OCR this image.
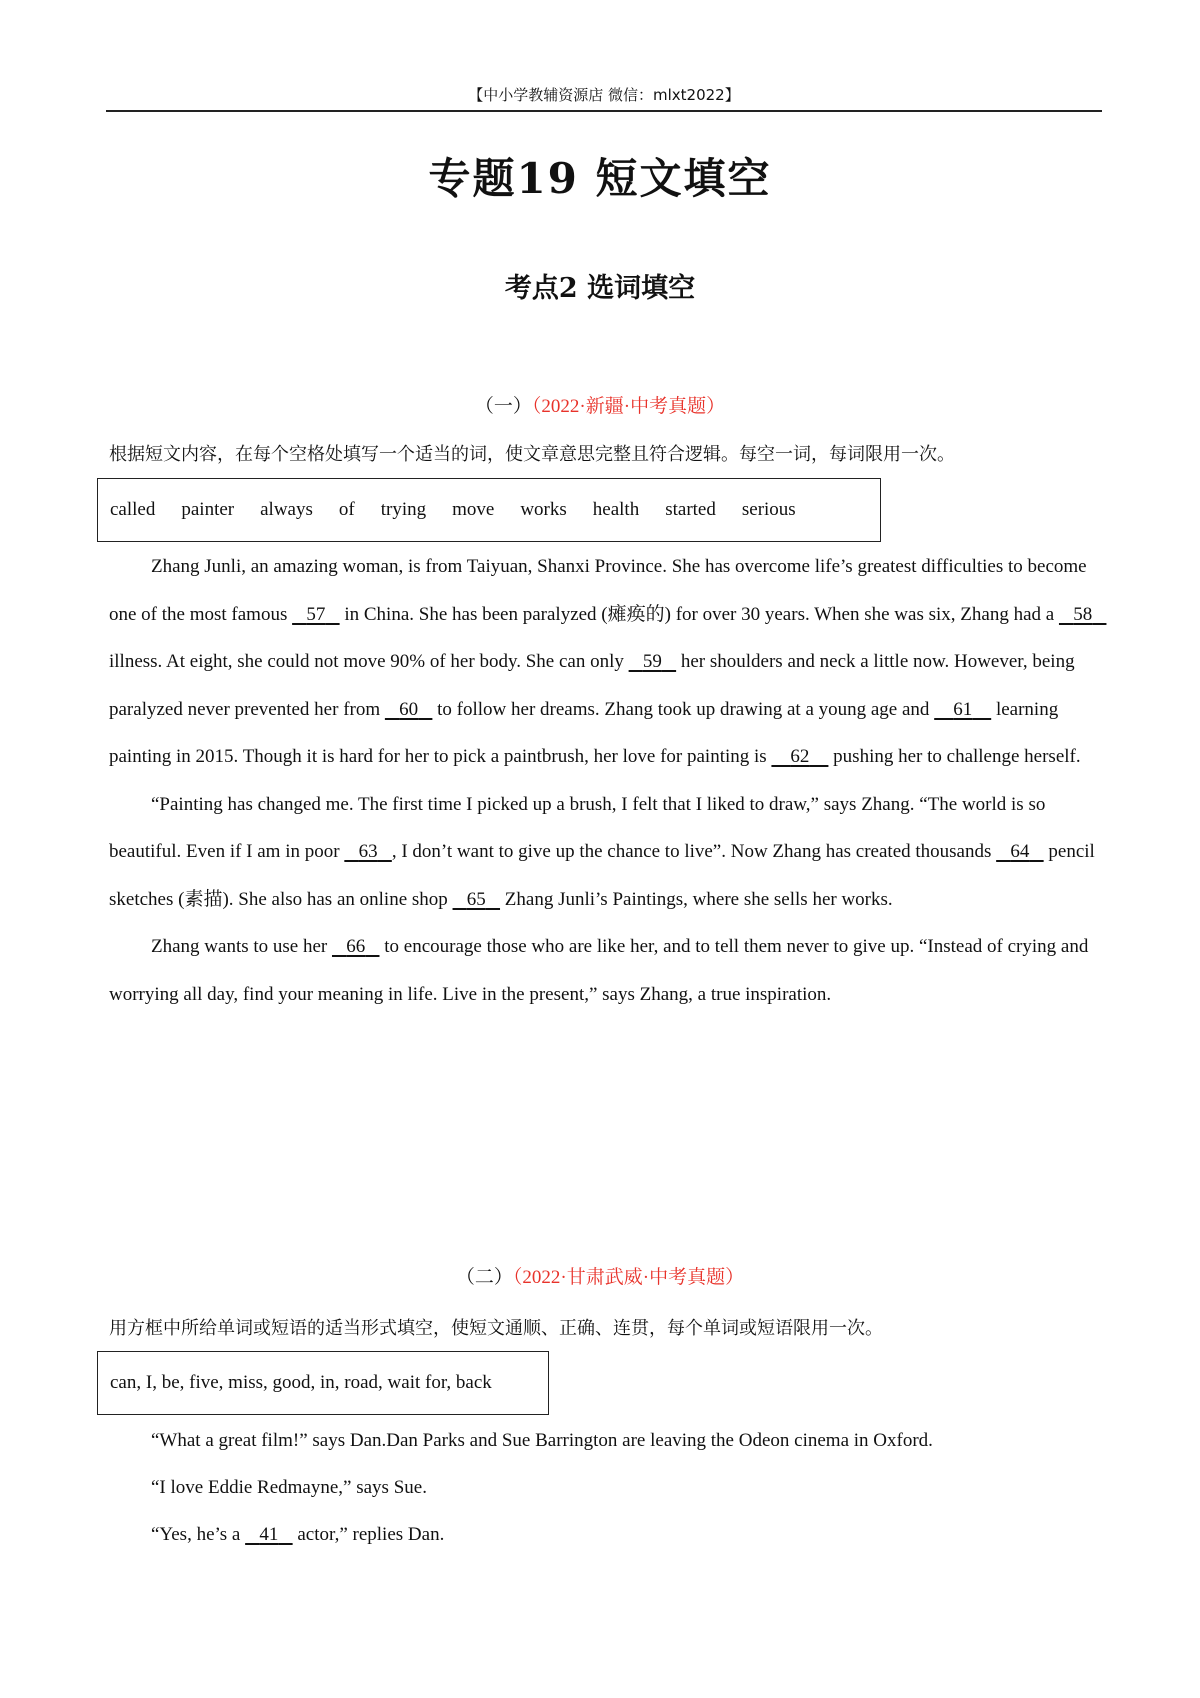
【中小学教辅资源店 微信：mlxt2022】
专题19 短文填空
考点2 选词填空
（一）（2022·新疆·中考真题）
根据短文内容，在每个空格处填写一个适当的词，使文章意思完整且符合逻辑。每空一词，每词限用一次。
called painter always of trying move works health started serious

Zhang Junli, an amazing woman, is from Taiyuan, Shanxi Province. She has overcome life’s greatest difficulties to become one of the most famous    57    in China. She has been paralyzed (瘫痪的) for over 30 years. When she was six, Zhang had a    58    illness. At eight, she could not move 90% of her body. She can only    59    her shoulders and neck a little now. However, being paralyzed never prevented her from    60    to follow her dreams. Zhang took up drawing at a young age and     61     learning painting in 2015. Though it is hard for her to pick a paintbrush, her love for painting is     62     pushing her to challenge herself.

“Painting has changed me. The first time I picked up a brush, I felt that I liked to draw,” says Zhang. “The world is so beautiful. Even if I am in poor    63 , I don’t want to give up the chance to live”. Now Zhang has created thousands    64    pencil sketches (素描). She also has an online shop    65    Zhang Junli’s Paintings, where she sells her works.

Zhang wants to use her    66    to encourage those who are like her, and to tell them never to give up. “Instead of crying and worrying all day, find your meaning in life. Live in the present,” says Zhang, a true inspiration.

（二）（2022·甘肃武威·中考真题）
用方框中所给单词或短语的适当形式填空，使短文通顺、正确、连贯，每个单词或短语限用一次。
can, I, be, five, miss, good, in, road, wait for, back

“What a great film!” says Dan.Dan Parks and Sue Barrington are leaving the Odeon cinema in Oxford.

“I love Eddie Redmayne,” says Sue.

“Yes, he’s a    41    actor,” replies Dan.
